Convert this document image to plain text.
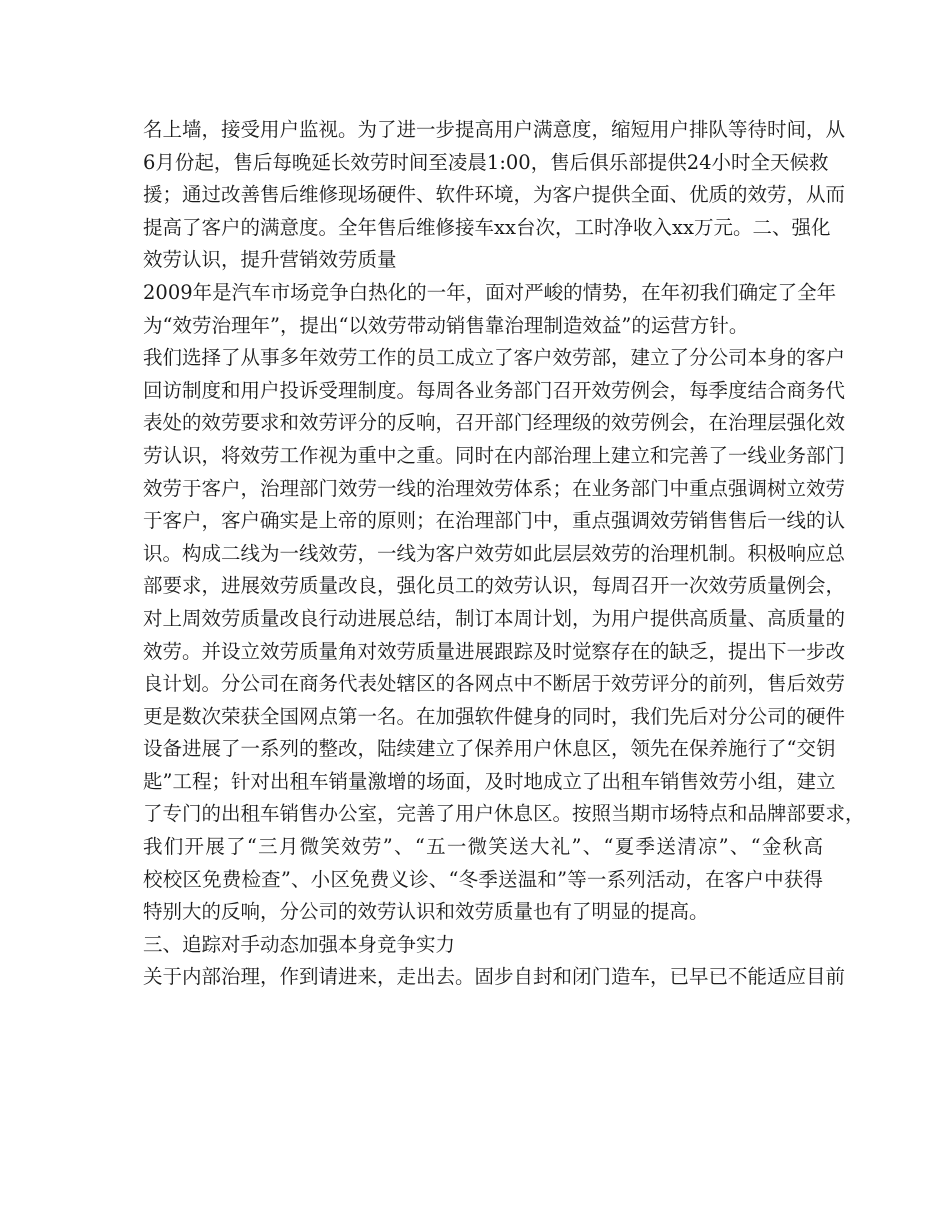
名上墙，接受用户监视。为了进一步提高用户满意度，缩短用户排队等待时间，从
6月份起，售后每晚延长效劳时间至凌晨1:00，售后俱乐部提供24小时全天候救
援；通过改善售后维修现场硬件、软件环境，为客户提供全面、优质的效劳，从而
提高了客户的满意度。全年售后维修接车xx台次，工时净收入xx万元。二、强化
效劳认识，提升营销效劳质量
2009年是汽车市场竞争白热化的一年，面对严峻的情势，在年初我们确定了全年
为“效劳治理年”，提出“以效劳带动销售靠治理制造效益”的运营方针。
我们选择了从事多年效劳工作的员工成立了客户效劳部，建立了分公司本身的客户
回访制度和用户投诉受理制度。每周各业务部门召开效劳例会，每季度结合商务代
表处的效劳要求和效劳评分的反响，召开部门经理级的效劳例会，在治理层强化效
劳认识，将效劳工作视为重中之重。同时在内部治理上建立和完善了一线业务部门
效劳于客户，治理部门效劳一线的治理效劳体系；在业务部门中重点强调树立效劳
于客户，客户确实是上帝的原则；在治理部门中，重点强调效劳销售售后一线的认
识。构成二线为一线效劳，一线为客户效劳如此层层效劳的治理机制。积极响应总
部要求，进展效劳质量改良，强化员工的效劳认识，每周召开一次效劳质量例会，
对上周效劳质量改良行动进展总结，制订本周计划，为用户提供高质量、高质量的
效劳。并设立效劳质量角对效劳质量进展跟踪及时觉察存在的缺乏，提出下一步改
良计划。分公司在商务代表处辖区的各网点中不断居于效劳评分的前列，售后效劳
更是数次荣获全国网点第一名。在加强软件健身的同时，我们先后对分公司的硬件
设备进展了一系列的整改，陆续建立了保养用户休息区，领先在保养施行了“交钥
匙”工程；针对出租车销量激增的场面，及时地成立了出租车销售效劳小组，建立
了专门的出租车销售办公室，完善了用户休息区。按照当期市场特点和品牌部要求，
我们开展了“三月微笑效劳”、“五一微笑送大礼”、“夏季送清凉”、“金秋高
校校区免费检查”、小区免费义诊、“冬季送温和”等一系列活动，在客户中获得
特别大的反响，分公司的效劳认识和效劳质量也有了明显的提高。
三、追踪对手动态加强本身竞争实力
关于内部治理，作到请进来，走出去。固步自封和闭门造车，已早已不能适应目前
